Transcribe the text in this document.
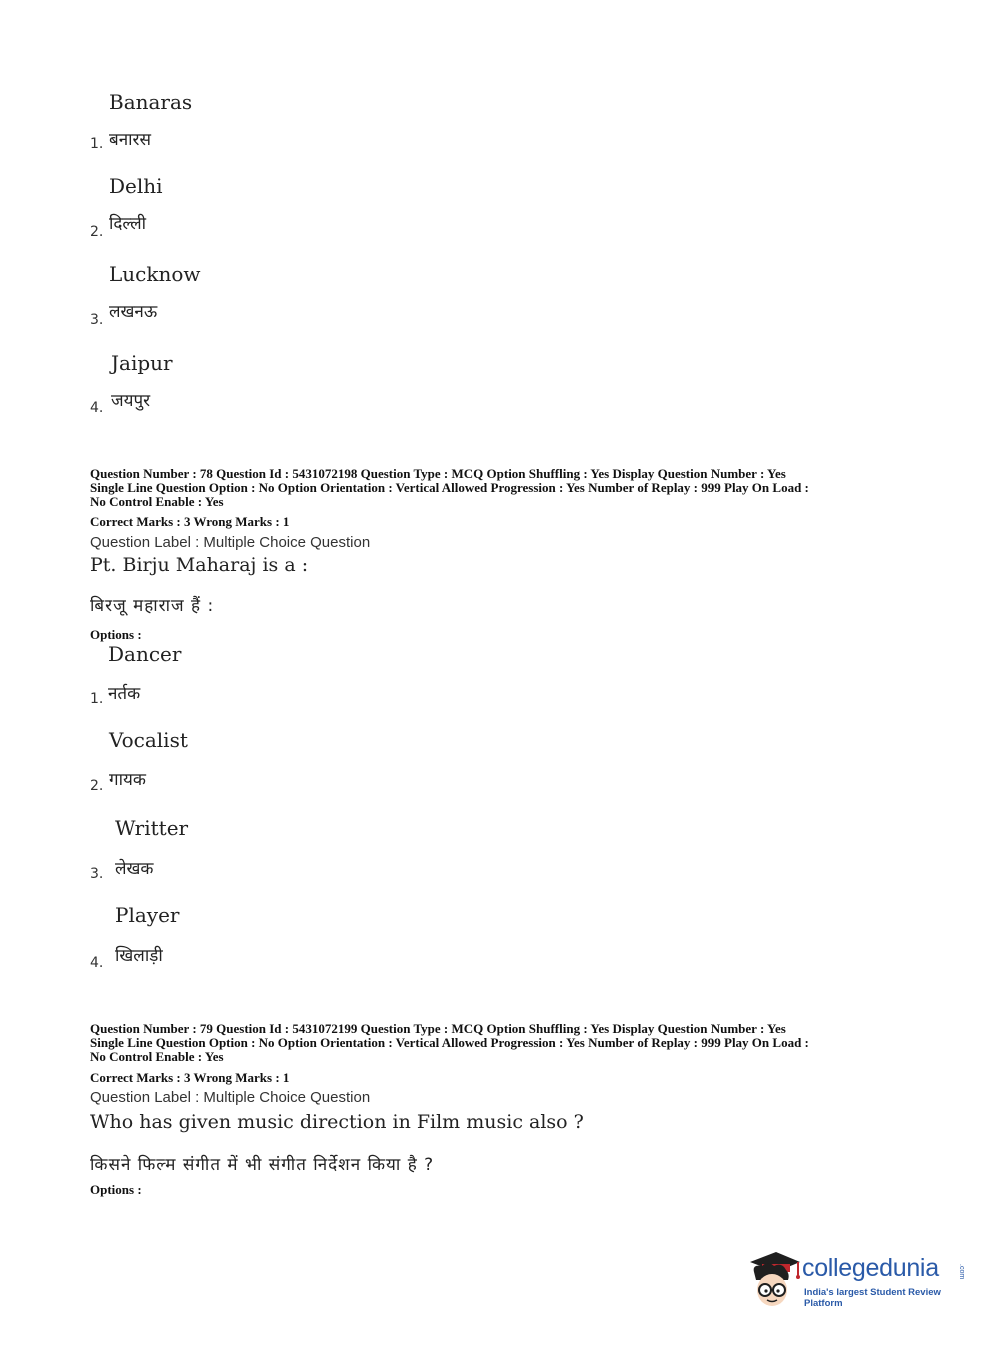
Banaras
1. बनारस
Delhi
2. दिल्ली
Lucknow
3. लखनऊ
Jaipur
4. जयपुर
Question Number : 78 Question Id : 5431072198 Question Type : MCQ Option Shuffling : Yes Display Question Number : Yes
Single Line Question Option : No Option Orientation : Vertical Allowed Progression : Yes Number of Replay : 999 Play On Load :
No Control Enable : Yes
Correct Marks : 3 Wrong Marks : 1
Question Label : Multiple Choice Question
Pt. Birju Maharaj is a :
बिरजू महाराज हैं :
Options :
Dancer
1. नर्तक
Vocalist
2. गायक
Writter
3. लेखक
Player
4. खिलाड़ी
Question Number : 79 Question Id : 5431072199 Question Type : MCQ Option Shuffling : Yes Display Question Number : Yes
Single Line Question Option : No Option Orientation : Vertical Allowed Progression : Yes Number of Replay : 999 Play On Load :
No Control Enable : Yes
Correct Marks : 3 Wrong Marks : 1
Question Label : Multiple Choice Question
Who has given music direction in Film music also ?
किसने फिल्म संगीत में भी संगीत निर्देशन किया है ?
Options :
collegedunia	.com
India's largest Student Review Platform
